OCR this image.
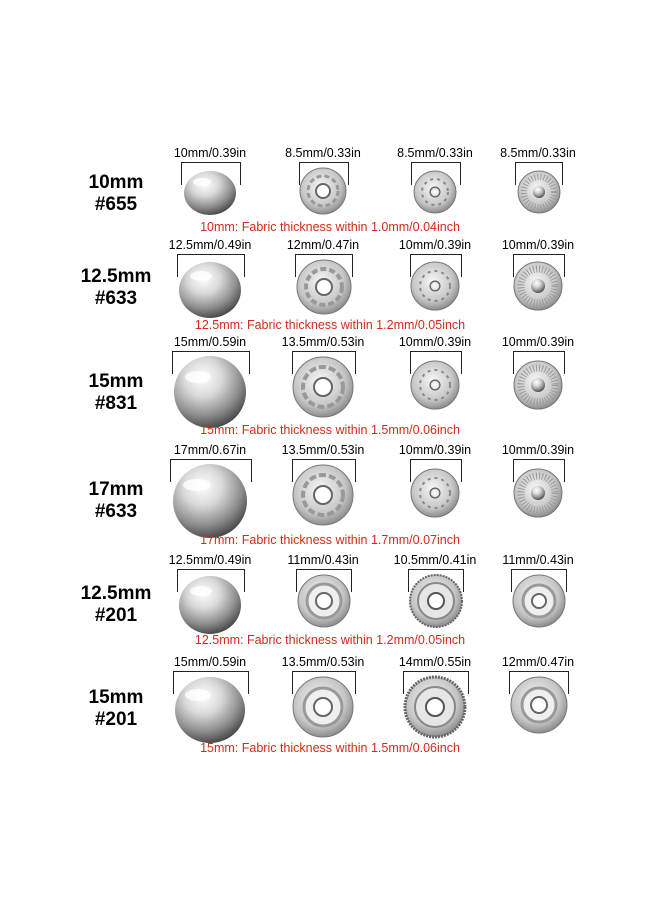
10mm
#655
10mm/0.39in	8.5mm/0.33in	8.5mm/0.33in	8.5mm/0.33in
10mm: Fabric thickness within 1.0mm/0.04inch
12.5mm
#633
12.5mm/0.49in	12mm/0.47in	10mm/0.39in	10mm/0.39in
12.5mm: Fabric thickness within 1.2mm/0.05inch
15mm
#831
15mm/0.59in	13.5mm/0.53in	10mm/0.39in	10mm/0.39in
15mm: Fabric thickness within 1.5mm/0.06inch
17mm
#633
17mm/0.67in	13.5mm/0.53in	10mm/0.39in	10mm/0.39in
17mm: Fabric thickness within 1.7mm/0.07inch
12.5mm
#201
12.5mm/0.49in	11mm/0.43in	10.5mm/0.41in	11mm/0.43in
12.5mm: Fabric thickness within 1.2mm/0.05inch
15mm
#201
15mm/0.59in	13.5mm/0.53in	14mm/0.55in	12mm/0.47in
15mm: Fabric thickness within 1.5mm/0.06inch
